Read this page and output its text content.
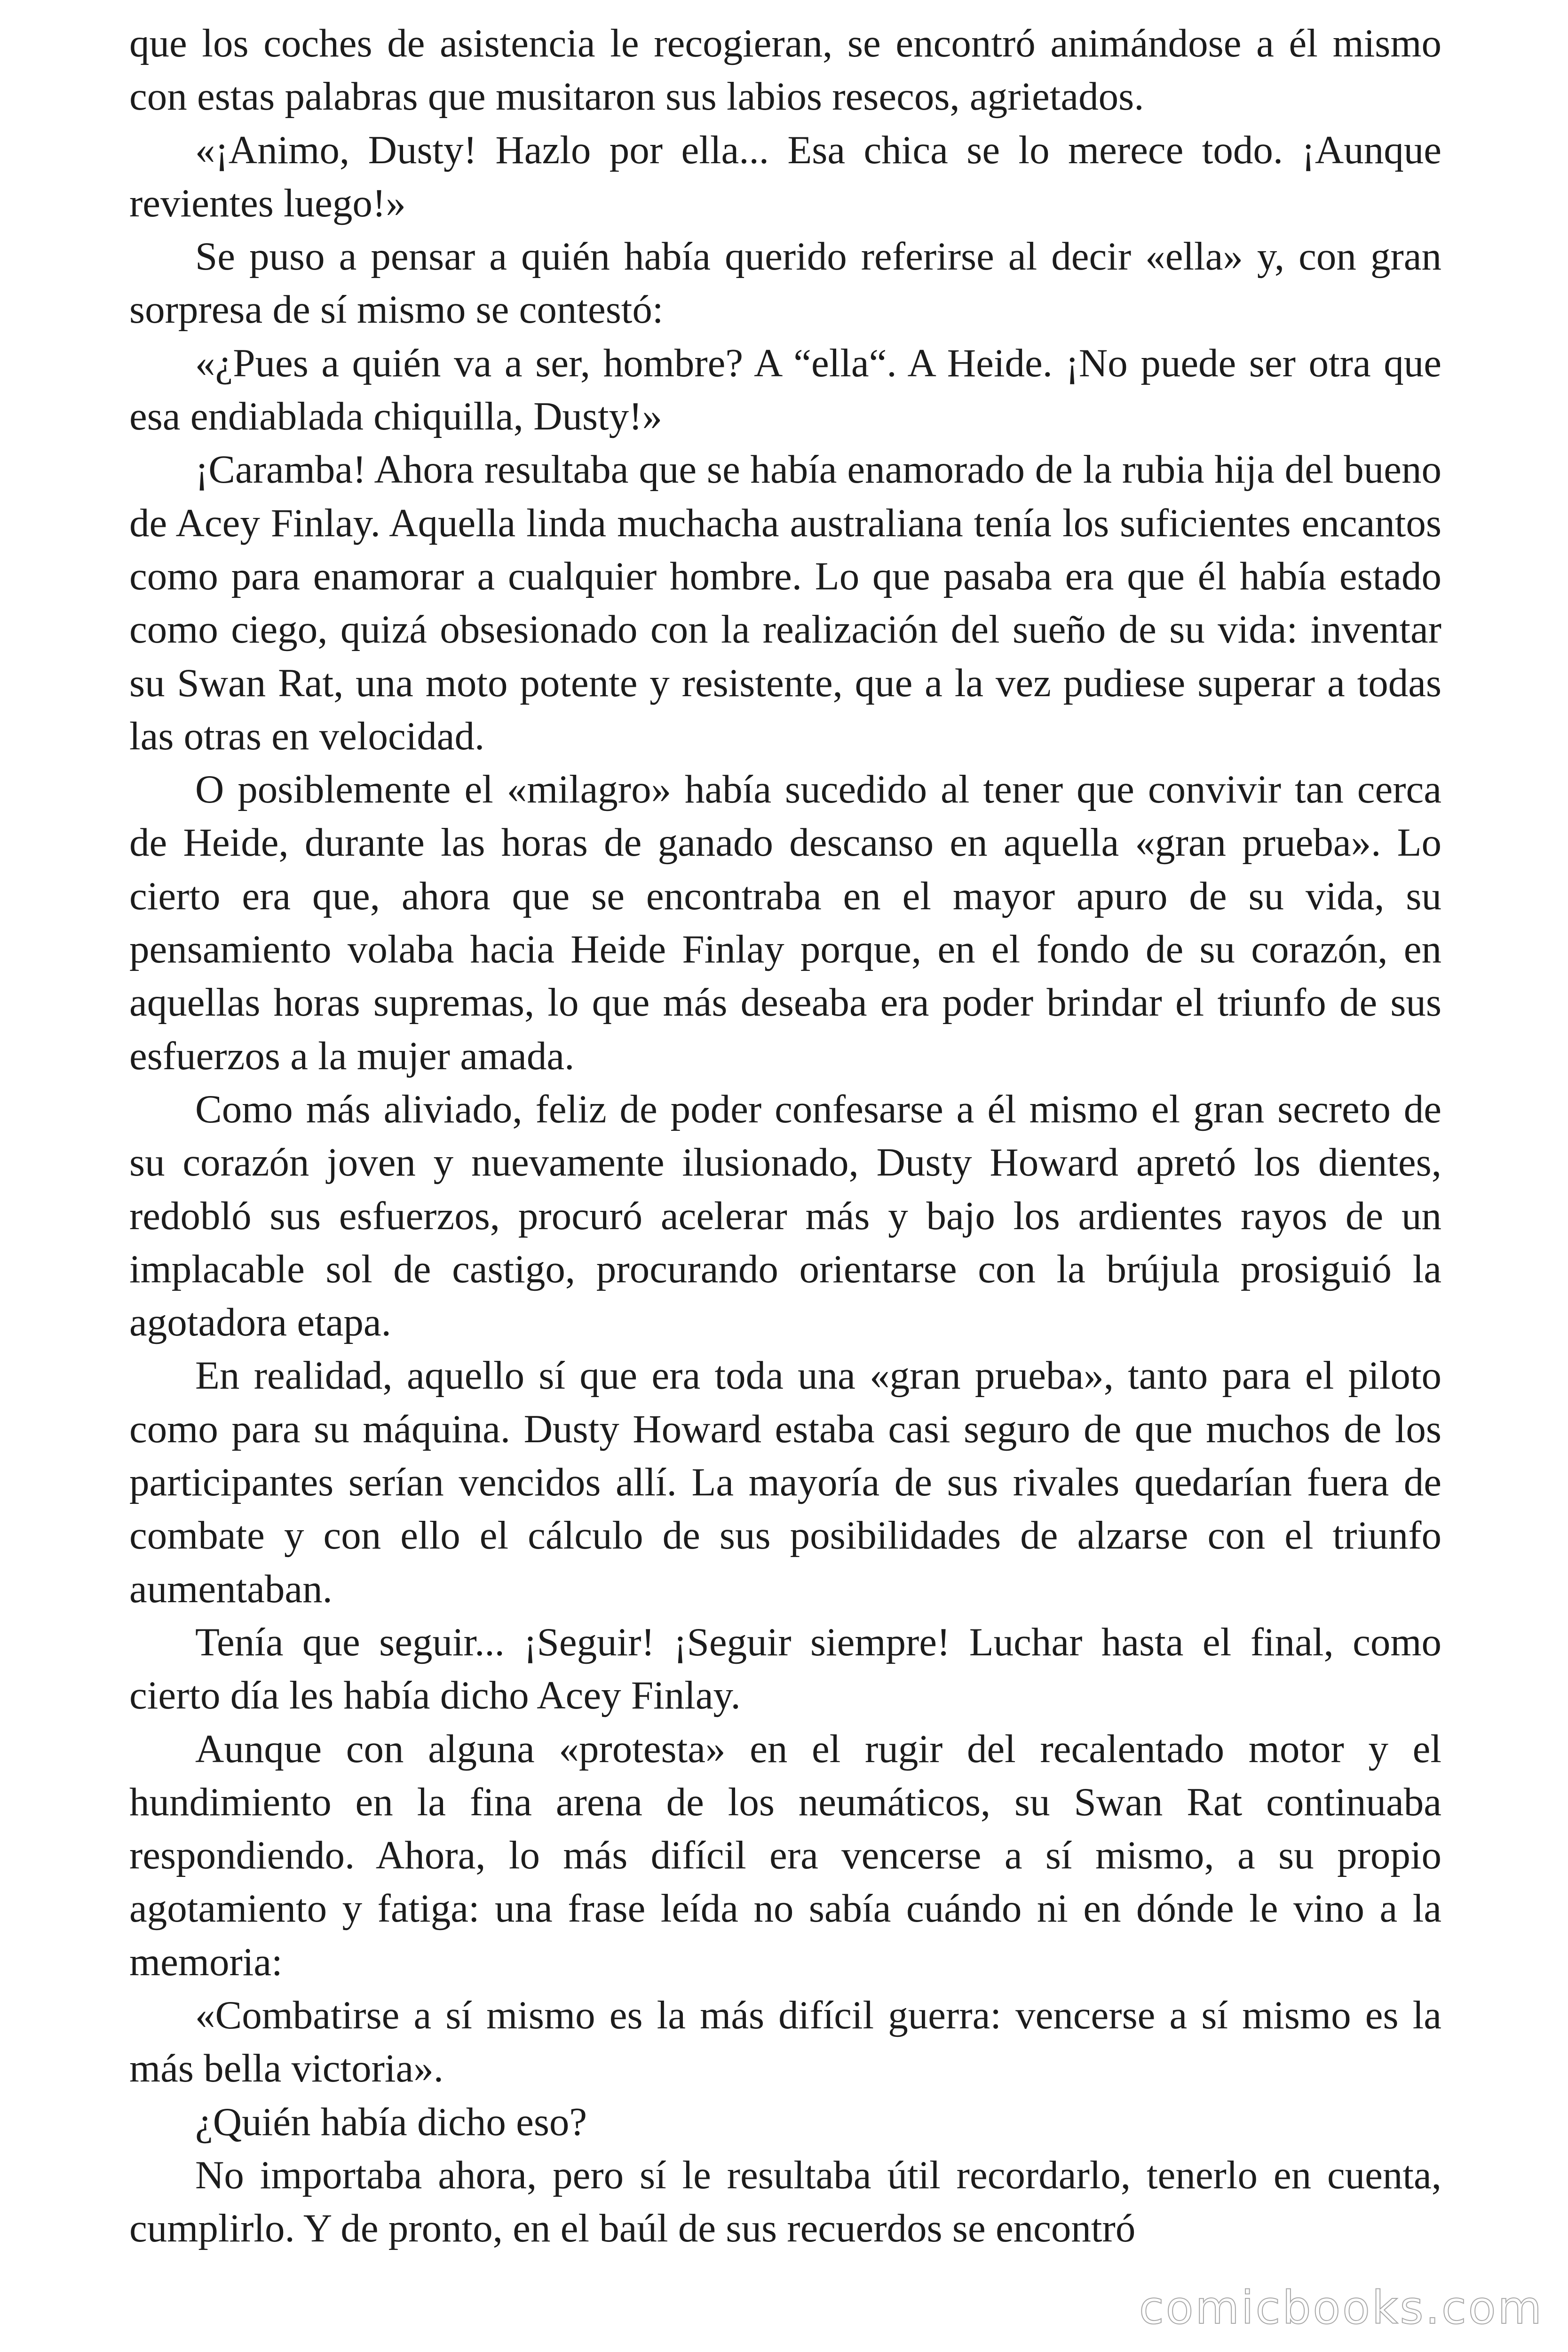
que los coches de asistencia le recogieran, se encontró animándose a él mismo con estas palabras que musitaron sus labios resecos, agrietados.

«¡Animo, Dusty! Hazlo por ella... Esa chica se lo merece todo. ¡Aunque revientes luego!»

Se puso a pensar a quién había querido referirse al decir «ella» y, con gran sorpresa de sí mismo se contestó:

«¿Pues a quién va a ser, hombre? A “ella“. A Heide. ¡No puede ser otra que esa endiablada chiquilla, Dusty!»

¡Caramba! Ahora resultaba que se había enamorado de la rubia hija del bueno de Acey Finlay. Aquella linda muchacha australiana tenía los suficientes encantos como para enamorar a cualquier hombre. Lo que pasaba era que él había estado como ciego, quizá obsesionado con la realización del sueño de su vida: inventar su Swan Rat, una moto potente y resistente, que a la vez pudiese superar a todas las otras en velocidad.

O posiblemente el «milagro» había sucedido al tener que convivir tan cerca de Heide, durante las horas de ganado descanso en aquella «gran prueba». Lo cierto era que, ahora que se encontraba en el mayor apuro de su vida, su pensamiento volaba hacia Heide Finlay porque, en el fondo de su corazón, en aquellas horas supremas, lo que más deseaba era poder brindar el triunfo de sus esfuerzos a la mujer amada.

Como más aliviado, feliz de poder confesarse a él mismo el gran secreto de su corazón joven y nuevamente ilusionado, Dusty Howard apretó los dientes, redobló sus esfuerzos, procuró acelerar más y bajo los ardientes rayos de un implacable sol de castigo, procurando orientarse con la brújula prosiguió la agotadora etapa.

En realidad, aquello sí que era toda una «gran prueba», tanto para el piloto como para su máquina. Dusty Howard estaba casi seguro de que muchos de los participantes serían vencidos allí. La mayoría de sus rivales quedarían fuera de combate y con ello el cálculo de sus posibilidades de alzarse con el triunfo aumentaban.

Tenía que seguir... ¡Seguir! ¡Seguir siempre! Luchar hasta el final, como cierto día les había dicho Acey Finlay.

Aunque con alguna «protesta» en el rugir del recalentado motor y el hundimiento en la fina arena de los neumáticos, su Swan Rat continuaba respondiendo. Ahora, lo más difícil era vencerse a sí mismo, a su propio agotamiento y fatiga: una frase leída no sabía cuándo ni en dónde le vino a la memoria:

«Combatirse a sí mismo es la más difícil guerra: vencerse a sí mismo es la más bella victoria».

¿Quién había dicho eso?

No importaba ahora, pero sí le resultaba útil recordarlo, tenerlo en cuenta, cumplirlo. Y de pronto, en el baúl de sus recuerdos se encontró

comicbooks.com
